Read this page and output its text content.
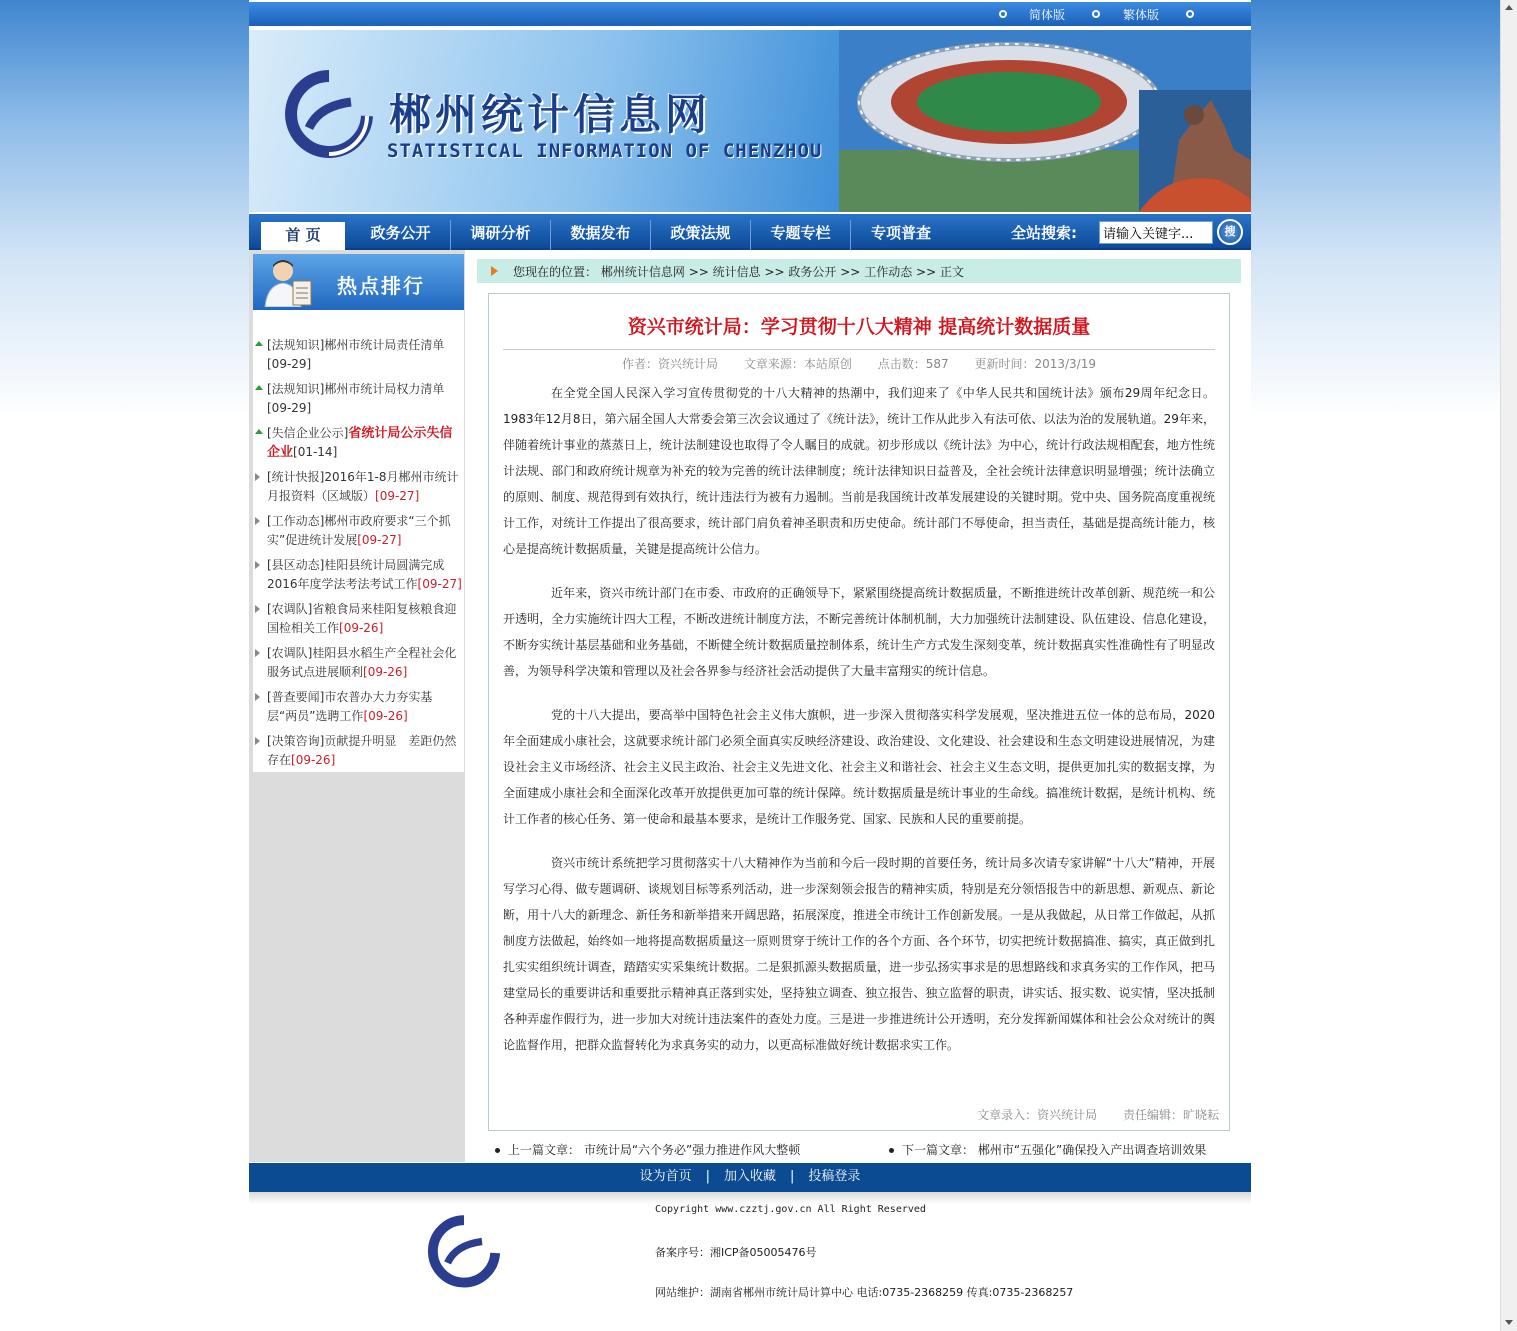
简体版	繁体版
郴州统计信息网
STATISTICAL INFORMATION OF CHENZHOU
首 页	政务公开	调研分析	数据发布	政策法规	专题专栏	专项普查	全站搜索:
请输入关键字...	搜
热点排行
[法规知识]郴州市统计局责任清单[09-29]
[法规知识]郴州市统计局权力清单[09-29]
[失信企业公示]省统计局公示失信企业[01-14]
[统计快报]2016年1-8月郴州市统计月报资料（区域版）[09-27]
[工作动态]郴州市政府要求“三个抓实”促进统计发展[09-27]
[县区动态]桂阳县统计局圆满完成2016年度学法考法考试工作[09-27]
[农调队]省粮食局来桂阳复核粮食迎国检相关工作[09-26]
[农调队]桂阳县水稻生产全程社会化服务试点进展顺利[09-26]
[普查要闻]市农普办大力夯实基层“两员”选聘工作[09-26]
[决策咨询]贡献提升明显　差距仍然存在[09-26]
您现在的位置： 郴州统计信息网 >> 统计信息 >> 政务公开 >> 工作动态 >> 正文
资兴市统计局：学习贯彻十八大精神 提高统计数据质量
作者：资兴统计局 文章来源：本站原创 点击数：587 更新时间：2013/3/19

在全党全国人民深入学习宣传贯彻党的十八大精神的热潮中，我们迎来了《中华人民共和国统计法》颁布29周年纪念日。1983年12月8日，第六届全国人大常委会第三次会议通过了《统计法》，统计工作从此步入有法可依、以法为治的发展轨道。29年来，伴随着统计事业的蒸蒸日上，统计法制建设也取得了令人瞩目的成就。初步形成以《统计法》为中心，统计行政法规相配套，地方性统计法规、部门和政府统计规章为补充的较为完善的统计法律制度；统计法律知识日益普及，全社会统计法律意识明显增强；统计法确立的原则、制度、规范得到有效执行，统计违法行为被有力遏制。当前是我国统计改革发展建设的关键时期。党中央、国务院高度重视统计工作，对统计工作提出了很高要求，统计部门肩负着神圣职责和历史使命。统计部门不辱使命，担当责任，基础是提高统计能力，核心是提高统计数据质量，关键是提高统计公信力。

近年来，资兴市统计部门在市委、市政府的正确领导下，紧紧围绕提高统计数据质量，不断推进统计改革创新、规范统一和公开透明，全力实施统计四大工程，不断改进统计制度方法，不断完善统计体制机制，大力加强统计法制建设、队伍建设、信息化建设，不断夯实统计基层基础和业务基础，不断健全统计数据质量控制体系，统计生产方式发生深刻变革，统计数据真实性准确性有了明显改善，为领导科学决策和管理以及社会各界参与经济社会活动提供了大量丰富翔实的统计信息。

党的十八大提出，要高举中国特色社会主义伟大旗帜，进一步深入贯彻落实科学发展观，坚决推进五位一体的总布局，2020年全面建成小康社会，这就要求统计部门必须全面真实反映经济建设、政治建设、文化建设、社会建设和生态文明建设进展情况，为建设社会主义市场经济、社会主义民主政治、社会主义先进文化、社会主义和谐社会、社会主义生态文明，提供更加扎实的数据支撑，为全面建成小康社会和全面深化改革开放提供更加可靠的统计保障。统计数据质量是统计事业的生命线。搞准统计数据，是统计机构、统计工作者的核心任务、第一使命和最基本要求，是统计工作服务党、国家、民族和人民的重要前提。

资兴市统计系统把学习贯彻落实十八大精神作为当前和今后一段时期的首要任务，统计局多次请专家讲解“十八大”精神，开展写学习心得、做专题调研、谈规划目标等系列活动，进一步深刻领会报告的精神实质，特别是充分领悟报告中的新思想、新观点、新论断，用十八大的新理念、新任务和新举措来开阔思路，拓展深度，推进全市统计工作创新发展。一是从我做起，从日常工作做起，从抓制度方法做起，始终如一地将提高数据质量这一原则贯穿于统计工作的各个方面、各个环节，切实把统计数据搞准、搞实，真正做到扎扎实实组织统计调查，踏踏实实采集统计数据。二是狠抓源头数据质量，进一步弘扬实事求是的思想路线和求真务实的工作作风，把马建堂局长的重要讲话和重要批示精神真正落到实处，坚持独立调查、独立报告、独立监督的职责，讲实话、报实数、说实情，坚决抵制各种弄虚作假行为，进一步加大对统计违法案件的查处力度。三是进一步推进统计公开透明，充分发挥新闻媒体和社会公众对统计的舆论监督作用，把群众监督转化为求真务实的动力，以更高标准做好统计数据求实工作。

文章录入：资兴统计局 责任编辑：旷晓耘
上一篇文章： 市统计局“六个务必”强力推进作风大整顿	下一篇文章： 郴州市“五强化”确保投入产出调查培训效果
设为首页 | 加入收藏 | 投稿登录
Copyright www.czztj.gov.cn All Right Reserved
备案序号：湘ICP备05005476号
网站维护：湖南省郴州市统计局计算中心 电话:0735-2368259 传真:0735-2368257
